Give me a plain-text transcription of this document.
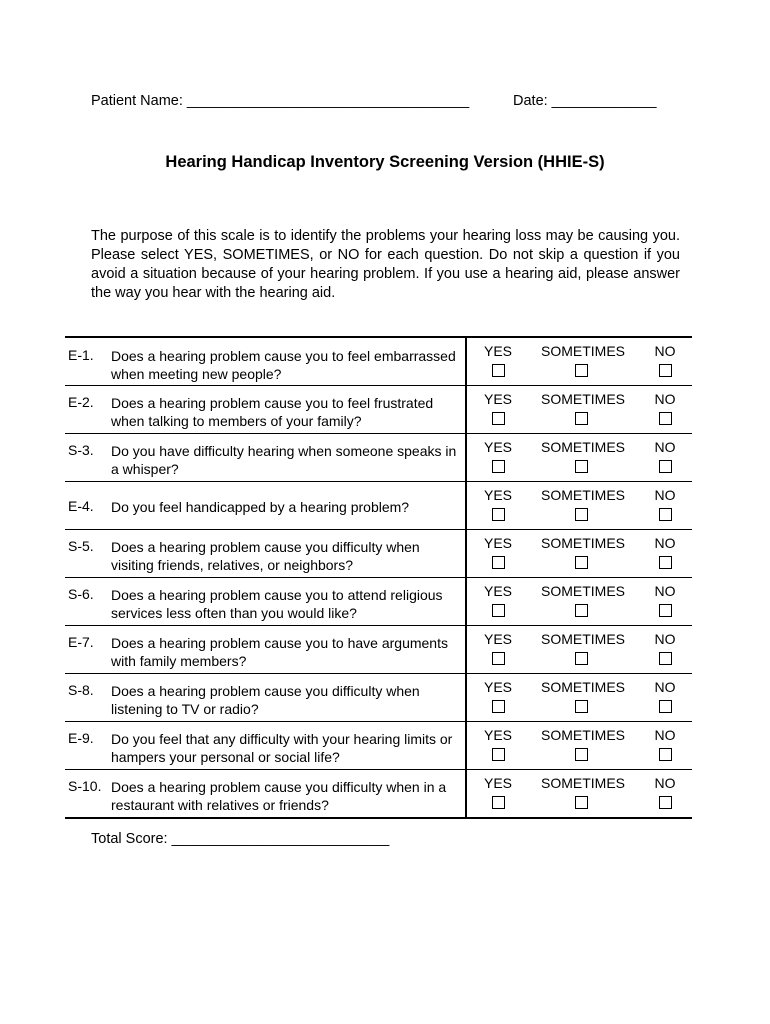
Patient Name: ___________________________________	Date: _____________
Hearing Handicap Inventory Screening Version (HHIE-S)
The purpose of this scale is to identify the problems your hearing loss may be causing you. Please select YES, SOMETIMES, or NO for each question. Do not skip a question if you avoid a situation because of your hearing problem. If you use a hearing aid, please answer the way you hear with the hearing aid.
E-1. Does a hearing problem cause you to feel embarrassed when meeting new people?
YES	SOMETIMES	NO
E-2. Does a hearing problem cause you to feel frustrated when talking to members of your family?
YES	SOMETIMES	NO
S-3. Do you have difficulty hearing when someone speaks in a whisper?
YES	SOMETIMES	NO
E-4. Do you feel handicapped by a hearing problem?
YES	SOMETIMES	NO
S-5. Does a hearing problem cause you difficulty when visiting friends, relatives, or neighbors?
YES	SOMETIMES	NO
S-6. Does a hearing problem cause you to attend religious services less often than you would like?
YES	SOMETIMES	NO
E-7. Does a hearing problem cause you to have arguments with family members?
YES	SOMETIMES	NO
S-8. Does a hearing problem cause you difficulty when listening to TV or radio?
YES	SOMETIMES	NO
E-9. Do you feel that any difficulty with your hearing limits or hampers your personal or social life?
YES	SOMETIMES	NO
S-10. Does a hearing problem cause you difficulty when in a restaurant with relatives or friends?
YES	SOMETIMES	NO
Total Score: ___________________________
